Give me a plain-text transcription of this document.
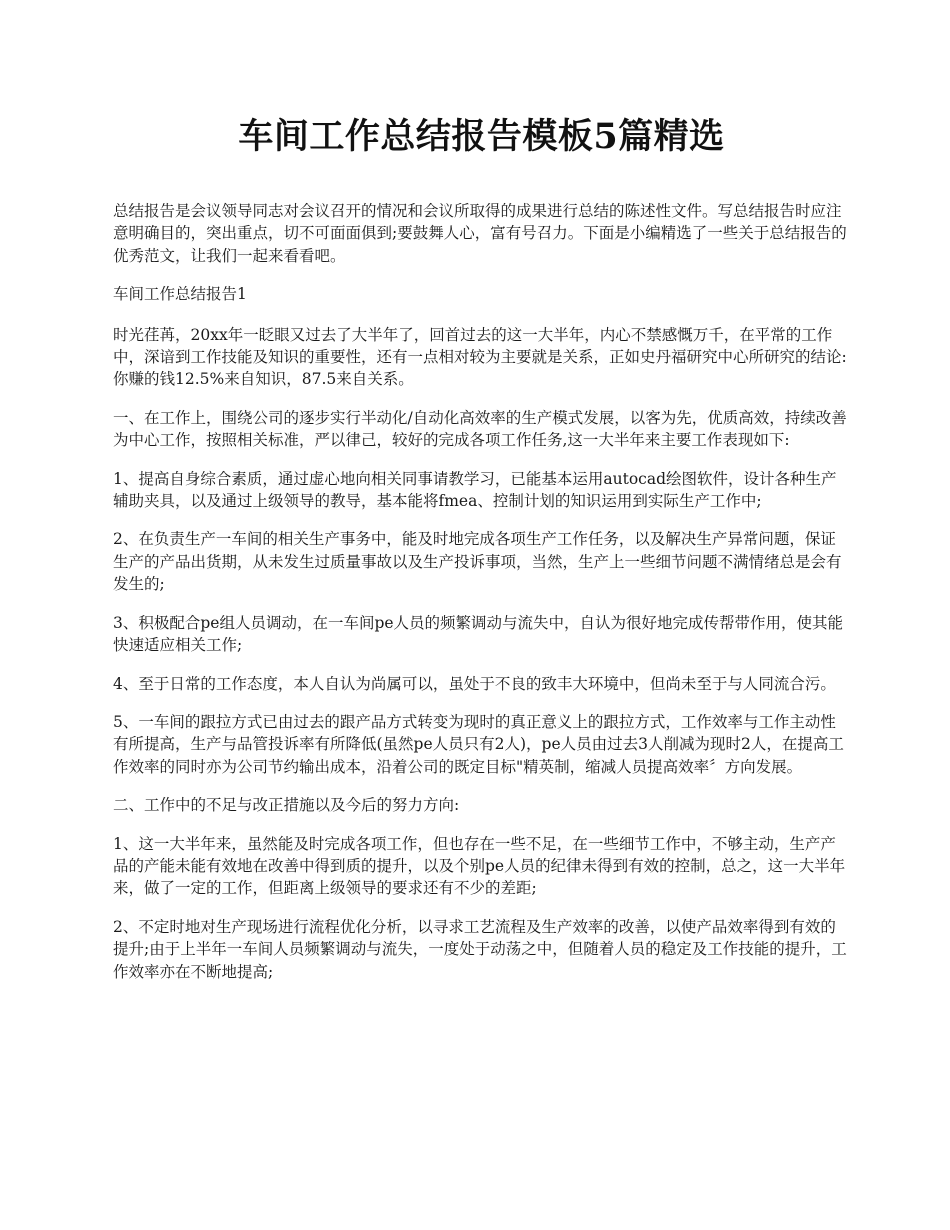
车间工作总结报告模板5篇精选

总结报告是会议领导同志对会议召开的情况和会议所取得的成果进行总结的陈述性文件。写总结报告时应注意明确目的，突出重点，切不可面面俱到;要鼓舞人心，富有号召力。下面是小编精选了一些关于总结报告的优秀范文，让我们一起来看看吧。

车间工作总结报告1

时光荏苒，20xx年一眨眼又过去了大半年了，回首过去的这一大半年，内心不禁感慨万千，在平常的工作中，深谙到工作技能及知识的重要性，还有一点相对较为主要就是关系，正如史丹福研究中心所研究的结论:你赚的钱12.5%来自知识，87.5来自关系。

一、在工作上，围绕公司的逐步实行半动化/自动化高效率的生产模式发展，以客为先，优质高效，持续改善为中心工作，按照相关标准，严以律己，较好的完成各项工作任务,这一大半年来主要工作表现如下:

1、提高自身综合素质，通过虚心地向相关同事请教学习，已能基本运用autocad绘图软件，设计各种生产辅助夹具，以及通过上级领导的教导，基本能将fmea、控制计划的知识运用到实际生产工作中;

2、在负责生产一车间的相关生产事务中，能及时地完成各项生产工作任务，以及解决生产异常问题，保证生产的产品出货期，从未发生过质量事故以及生产投诉事项，当然，生产上一些细节问题不满情绪总是会有发生的;

3、积极配合pe组人员调动，在一车间pe人员的频繁调动与流失中，自认为很好地完成传帮带作用，使其能快速适应相关工作;

4、至于日常的工作态度，本人自认为尚属可以，虽处于不良的致丰大环境中，但尚未至于与人同流合污。

5、一车间的跟拉方式已由过去的跟产品方式转变为现时的真正意义上的跟拉方式，工作效率与工作主动性有所提高，生产与品管投诉率有所降低(虽然pe人员只有2人)，pe人员由过去3人削减为现时2人，在提高工作效率的同时亦为公司节约输出成本，沿着公司的既定目标"精英制，缩减人员提高效率〞方向发展。

二、工作中的不足与改正措施以及今后的努力方向:

1、这一大半年来，虽然能及时完成各项工作，但也存在一些不足，在一些细节工作中，不够主动，生产产品的产能未能有效地在改善中得到质的提升，以及个别pe人员的纪律未得到有效的控制，总之，这一大半年来，做了一定的工作，但距离上级领导的要求还有不少的差距;

2、不定时地对生产现场进行流程优化分析，以寻求工艺流程及生产效率的改善，以使产品效率得到有效的提升;由于上半年一车间人员频繁调动与流失，一度处于动荡之中，但随着人员的稳定及工作技能的提升，工作效率亦在不断地提高;
